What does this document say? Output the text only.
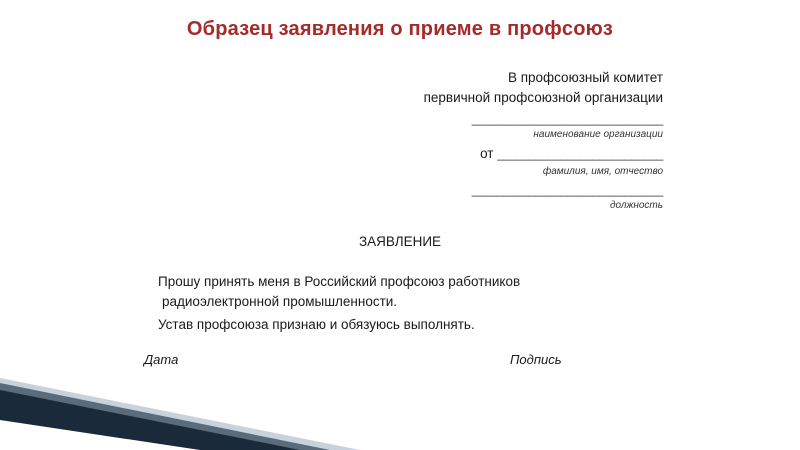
Образец заявления о приеме в профсоюз
В профсоюзный комитет
первичной профсоюзной организации
______________________________
наименование организации
от __________________________
фамилия, имя, отчество
______________________________
должность
ЗАЯВЛЕНИЕ
Прошу принять меня в Российский профсоюз работников
радиоэлектронной промышленности.
Устав профсоюза признаю и обязуюсь выполнять.
Дата	Подпись
